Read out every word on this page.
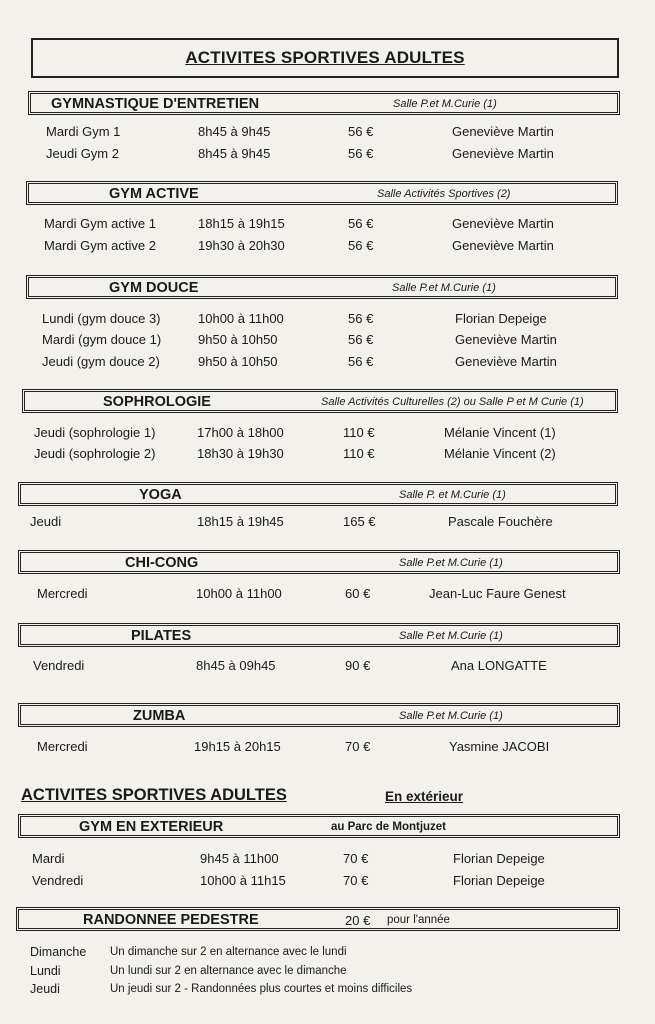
ACTIVITES SPORTIVES ADULTES
GYMNASTIQUE D'ENTRETIEN	Salle P.et M.Curie (1)
Mardi Gym 1	8h45 à 9h45	56 €	Geneviève Martin
Jeudi Gym 2	8h45 à 9h45	56 €	Geneviève Martin
GYM ACTIVE	Salle Activités Sportives (2)
Mardi Gym active 1	18h15 à 19h15	56 €	Geneviève Martin
Mardi Gym active 2	19h30 à 20h30	56 €	Geneviève Martin
GYM DOUCE	Salle P.et M.Curie (1)
Lundi (gym douce 3)	10h00 à 11h00	56 €	Florian Depeige
Mardi (gym douce 1)	9h50 à 10h50	56 €	Geneviève Martin
Jeudi (gym douce 2)	9h50 à 10h50	56 €	Geneviève Martin
SOPHROLOGIE	Salle Activités Culturelles (2) ou Salle P et M Curie (1)
Jeudi (sophrologie 1)	17h00 à 18h00	110 €	Mélanie Vincent (1)
Jeudi (sophrologie 2)	18h30 à 19h30	110 €	Mélanie Vincent (2)
YOGA	Salle P. et M.Curie (1)
Jeudi	18h15 à 19h45	165 €	Pascale Fouchère
CHI-CONG	Salle P.et M.Curie (1)
Mercredi	10h00 à 11h00	60 €	Jean-Luc Faure Genest
PILATES	Salle P.et M.Curie (1)
Vendredi	8h45 à 09h45	90 €	Ana LONGATTE
ZUMBA	Salle P.et M.Curie (1)
Mercredi	19h15 à 20h15	70 €	Yasmine JACOBI
ACTIVITES SPORTIVES ADULTES	En extérieur
GYM EN EXTERIEUR	au Parc de Montjuzet
Mardi	9h45 à 11h00	70 €	Florian Depeige
Vendredi	10h00 à 11h15	70 €	Florian Depeige
RANDONNEE PEDESTRE	20 € pour l'année
Dimanche Un dimanche sur 2 en alternance avec le lundi
Lundi	Un lundi sur 2 en alternance avec le dimanche
Jeudi	Un jeudi sur 2 - Randonnées plus courtes et moins difficiles
